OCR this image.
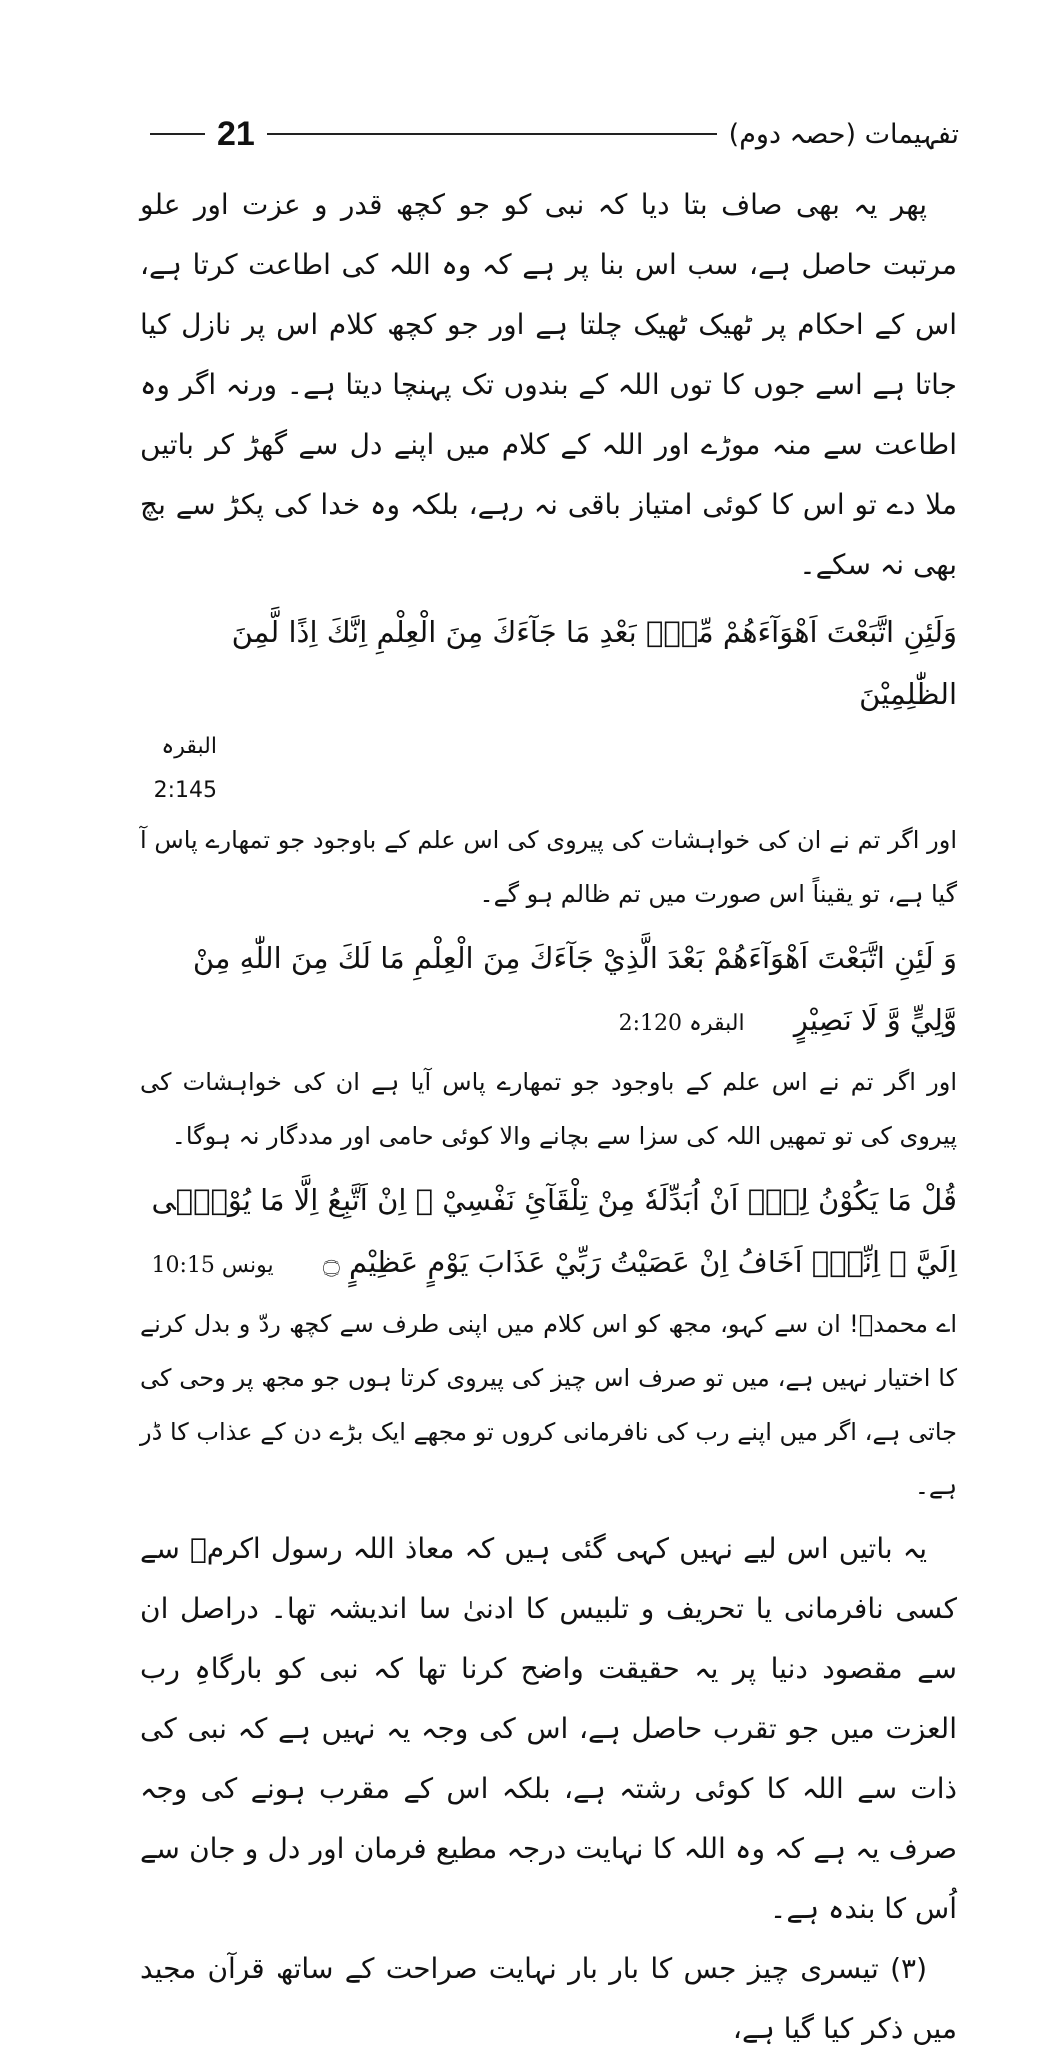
21	تفہیمات (حصہ دوم)

پھر یہ بھی صاف بتا دیا کہ نبی کو جو کچھ قدر و عزت اور علو مرتبت حاصل ہے، سب اس بنا پر ہے کہ وہ اللہ کی اطاعت کرتا ہے، اس کے احکام پر ٹھیک ٹھیک چلتا ہے اور جو کچھ کلام اس پر نازل کیا جاتا ہے اسے جوں کا توں اللہ کے بندوں تک پہنچا دیتا ہے۔ ورنہ اگر وہ اطاعت سے منہ موڑے اور اللہ کے کلام میں اپنے دل سے گھڑ کر باتیں ملا دے تو اس کا کوئی امتیاز باقی نہ رہے، بلکہ وہ خدا کی پکڑ سے بچ بھی نہ سکے۔

وَلَئِنِ اتَّبَعْتَ اَهْوَآءَهُمْ مِّنْۢ بَعْدِ مَا جَآءَكَ مِنَ الْعِلْمِ اِنَّكَ اِذًا لَّمِنَ الظّٰلِمِيْنَ

البقرہ 2:145

اور اگر تم نے ان کی خواہشات کی پیروی کی اس علم کے باوجود جو تمھارے پاس آ گیا ہے، تو یقیناً اس صورت میں تم ظالم ہو گے۔

وَ لَئِنِ اتَّبَعْتَ اَهْوَآءَهُمْ بَعْدَ الَّذِيْ جَآءَكَ مِنَ الْعِلْمِ مَا لَكَ مِنَ اللّٰهِ مِنْ وَّلِيٍّ وَّ لَا نَصِيْرٍ البقرہ 2:120

اور اگر تم نے اس علم کے باوجود جو تمھارے پاس آیا ہے ان کی خواہشات کی پیروی کی تو تمھیں اللہ کی سزا سے بچانے والا کوئی حامی اور مددگار نہ ہوگا۔

قُلْ مَا يَكُوْنُ لِيْۤ اَنْ اُبَدِّلَهٗ مِنْ تِلْقَآئِ نَفْسِيْ ۚ اِنْ اَتَّبِعُ اِلَّا مَا يُوْحٰۤى اِلَيَّ ۚ اِنِّيْۤ اَخَافُ اِنْ عَصَيْتُ رَبِّيْ عَذَابَ يَوْمٍ عَظِيْمٍ ۝ یونس 10:15

اے محمدؐ! ان سے کہو، مجھ کو اس کلام میں اپنی طرف سے کچھ ردّ و بدل کرنے کا اختیار نہیں ہے، میں تو صرف اس چیز کی پیروی کرتا ہوں جو مجھ پر وحی کی جاتی ہے، اگر میں اپنے رب کی نافرمانی کروں تو مجھے ایک بڑے دن کے عذاب کا ڈر ہے۔

یہ باتیں اس لیے نہیں کہی گئی ہیں کہ معاذ اللہ رسول اکرمؐ سے کسی نافرمانی یا تحریف و تلبیس کا ادنیٰ سا اندیشہ تھا۔ دراصل ان سے مقصود دنیا پر یہ حقیقت واضح کرنا تھا کہ نبی کو بارگاہِ رب العزت میں جو تقرب حاصل ہے، اس کی وجہ یہ نہیں ہے کہ نبی کی ذات سے اللہ کا کوئی رشتہ ہے، بلکہ اس کے مقرب ہونے کی وجہ صرف یہ ہے کہ وہ اللہ کا نہایت درجہ مطیع فرمان اور دل و جان سے اُس کا بندہ ہے۔

(۳) تیسری چیز جس کا بار بار نہایت صراحت کے ساتھ قرآن مجید میں ذکر کیا گیا ہے،
